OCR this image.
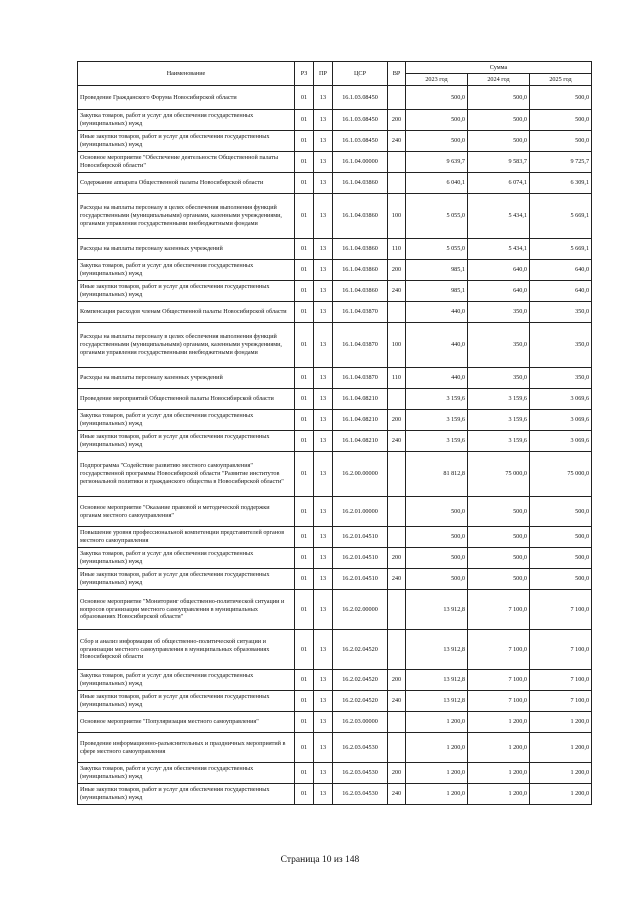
Наименование	РЗ	ПР	ЦСР	ВР	Сумма		
					2023 год	2024 год	2025 год
Проведение Гражданского Форума Новосибирской области	01	13	16.1.03.08450		500,0	500,0	500,0
Закупка товаров, работ и услуг для обеспечения государственных (муниципальных) нужд	01	13	16.1.03.08450	200	500,0	500,0	500,0
Иные закупки товаров, работ и услуг для обеспечения государственных (муниципальных) нужд	01	13	16.1.03.08450	240	500,0	500,0	500,0
Основное мероприятие "Обеспечение деятельности Общественной палаты Новосибирской области"	01	13	16.1.04.00000		9 639,7	9 583,7	9 725,7
Содержание аппарата Общественной палаты Новосибирской области	01	13	16.1.04.03860		6 040,1	6 074,1	6 309,1
Расходы на выплаты персоналу в целях обеспечения выполнения функций государственными (муниципальными) органами, казенными учреждениями, органами управления государственными внебюджетными фондами	01	13	16.1.04.03860	100	5 055,0	5 434,1	5 669,1
Расходы на выплаты персоналу казенных учреждений	01	13	16.1.04.03860	110	5 055,0	5 434,1	5 669,1
Закупка товаров, работ и услуг для обеспечения государственных (муниципальных) нужд	01	13	16.1.04.03860	200	985,1	640,0	640,0
Иные закупки товаров, работ и услуг для обеспечения государственных (муниципальных) нужд	01	13	16.1.04.03860	240	985,1	640,0	640,0
Компенсация расходов членам Общественной палаты Новосибирской области	01	13	16.1.04.03870		440,0	350,0	350,0
Расходы на выплаты персоналу в целях обеспечения выполнения функций государственными (муниципальными) органами, казенными учреждениями, органами управления государственными внебюджетными фондами	01	13	16.1.04.03870	100	440,0	350,0	350,0
Расходы на выплаты персоналу казенных учреждений	01	13	16.1.04.03870	110	440,0	350,0	350,0
Проведение мероприятий Общественной палаты Новосибирской области	01	13	16.1.04.08210		3 159,6	3 159,6	3 069,6
Закупка товаров, работ и услуг для обеспечения государственных (муниципальных) нужд	01	13	16.1.04.08210	200	3 159,6	3 159,6	3 069,6
Иные закупки товаров, работ и услуг для обеспечения государственных (муниципальных) нужд	01	13	16.1.04.08210	240	3 159,6	3 159,6	3 069,6
Подпрограмма "Содействие развитию местного самоуправления" государственной программы Новосибирской области "Развитие институтов региональной политики и гражданского общества в Новосибирской области"	01	13	16.2.00.00000		81 812,8	75 000,0	75 000,0
Основное мероприятие "Оказание правовой и методической поддержки органам местного самоуправления"	01	13	16.2.01.00000		500,0	500,0	500,0
Повышение уровня профессиональной компетенции представителей органов местного самоуправления	01	13	16.2.01.04510		500,0	500,0	500,0
Закупка товаров, работ и услуг для обеспечения государственных (муниципальных) нужд	01	13	16.2.01.04510	200	500,0	500,0	500,0
Иные закупки товаров, работ и услуг для обеспечения государственных (муниципальных) нужд	01	13	16.2.01.04510	240	500,0	500,0	500,0
Основное мероприятие "Мониторинг общественно-политической ситуации и вопросов организации местного самоуправления в муниципальных образованиях Новосибирской области"	01	13	16.2.02.00000		13 912,8	7 100,0	7 100,0
Сбор и анализ информации об общественно-политической ситуации и организации местного самоуправления в муниципальных образованиях Новосибирской области	01	13	16.2.02.04520		13 912,8	7 100,0	7 100,0
Закупка товаров, работ и услуг для обеспечения государственных (муниципальных) нужд	01	13	16.2.02.04520	200	13 912,8	7 100,0	7 100,0
Иные закупки товаров, работ и услуг для обеспечения государственных (муниципальных) нужд	01	13	16.2.02.04520	240	13 912,8	7 100,0	7 100,0
Основное мероприятие "Популяризация местного самоуправления"	01	13	16.2.03.00000		1 200,0	1 200,0	1 200,0
Проведение информационно-разъяснительных и праздничных мероприятий в сфере местного самоуправления	01	13	16.2.03.04530		1 200,0	1 200,0	1 200,0
Закупка товаров, работ и услуг для обеспечения государственных (муниципальных) нужд	01	13	16.2.03.04530	200	1 200,0	1 200,0	1 200,0
Иные закупки товаров, работ и услуг для обеспечения государственных (муниципальных) нужд	01	13	16.2.03.04530	240	1 200,0	1 200,0	1 200,0
Страница 10 из 148
